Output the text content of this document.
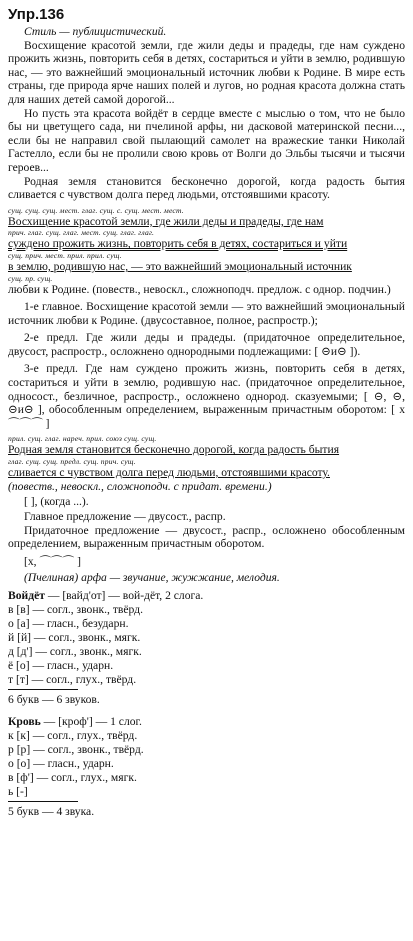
Упр.136

Стиль — публицистический.

Восхищение красотой земли, где жили деды и прадеды, где нам суждено прожить жизнь, повторить себя в детях, состариться и уйти в землю, родившую нас, — это важнейший эмоциональный источник любви к Родине. В мире есть страны, где природа ярче наших полей и лугов, но родная красота должна стать для наших детей самой дорогой...

Но пусть эта красота войдёт в сердце вместе с мыслью о том, что не было бы ни цветущего сада, ни пчелиной арфы, ни дасковой материнской песни..., если бы не направил свой пылающий самолет на вражеские танки Николай Гастелло, если бы не пролили свою кровь от Волги до Эльбы тысячи и тысячи героев...

Родная земля становится бесконечно дорогой, когда радость бытия сливается с чувством долга перед людьми, отстоявшими красоту.

сущ. сущ. сущ. мест. глаг. сущ. с. сущ. мест. мест.

Восхищение красотой земли, где жили деды и прадеды, где нам

прич. глаг. сущ. глаг. мест. сущ. глаг. глаг.

суждено прожить жизнь, повторить себя в детях, состариться и уйти

сущ. прич. мест. прил. прил. сущ.

в землю, родившую нас, — это важнейший эмоциональный источник

сущ. пр. сущ.

любви к Родине. (повеств., невоскл., сложноподч. предлож. с однор. подчин.)

1-е главное. Восхищение красотой земли — это важнейший эмоциональный источник любви к Родине. (двусоставное, полное, распростр.);

2-е предл. Где жили деды и прадеды. (придаточное определительное, двусост, распростр., осложнено однородными подлежащими: [ ⊝и⊝ ]).

3-е предл. Где нам суждено прожить жизнь, повторить себя в детях, состариться и уйти в землю, родившую нас. (придаточное определительное, односост., безличное, распростр., осложнено однород. сказуемыми; [ ⊝, ⊝, ⊝и⊝ ], обособленным определением, выраженным причастным оборотом: [ х ⌒⌒⌒ ]

прил. сущ. глаг. нареч. прил. союз сущ. сущ.

Родная земля становится бесконечно дорогой, когда радость бытия

глаг. сущ. сущ. предл. сущ. прич. сущ.

сливается с чувством долга перед людьми, отстоявшими красоту.

(повеств., невоскл., сложноподч. с придат. времени.)

[ ], (когда ...).

Главное предложение — двусост., распр.

Придаточное предложение — двусост., распр., осложнено обособленным определением, выраженным причастным оборотом.

[х, ⌒⌒⌒ ]

(Пчелиная) арфа — звучание, жужжание, мелодия.

Войдёт — [вайд'от] — вой-дёт, 2 слога.

в [в] — согл., звонк., твёрд.

о [а] — гласн., безударн.

й [й] — согл., звонк., мягк.

д [д'] — согл., звонк., мягк.

ё [о] — гласн., ударн.

т [т] — согл., глух., твёрд.

6 букв — 6 звуков.

Кровь — [кроф'] — 1 слог.

к [к] — согл., глух., твёрд.

р [р] — согл., звонк., твёрд.

о [о] — гласн., ударн.

в [ф'] — согл., глух., мягк.

ь [-]

5 букв — 4 звука.
